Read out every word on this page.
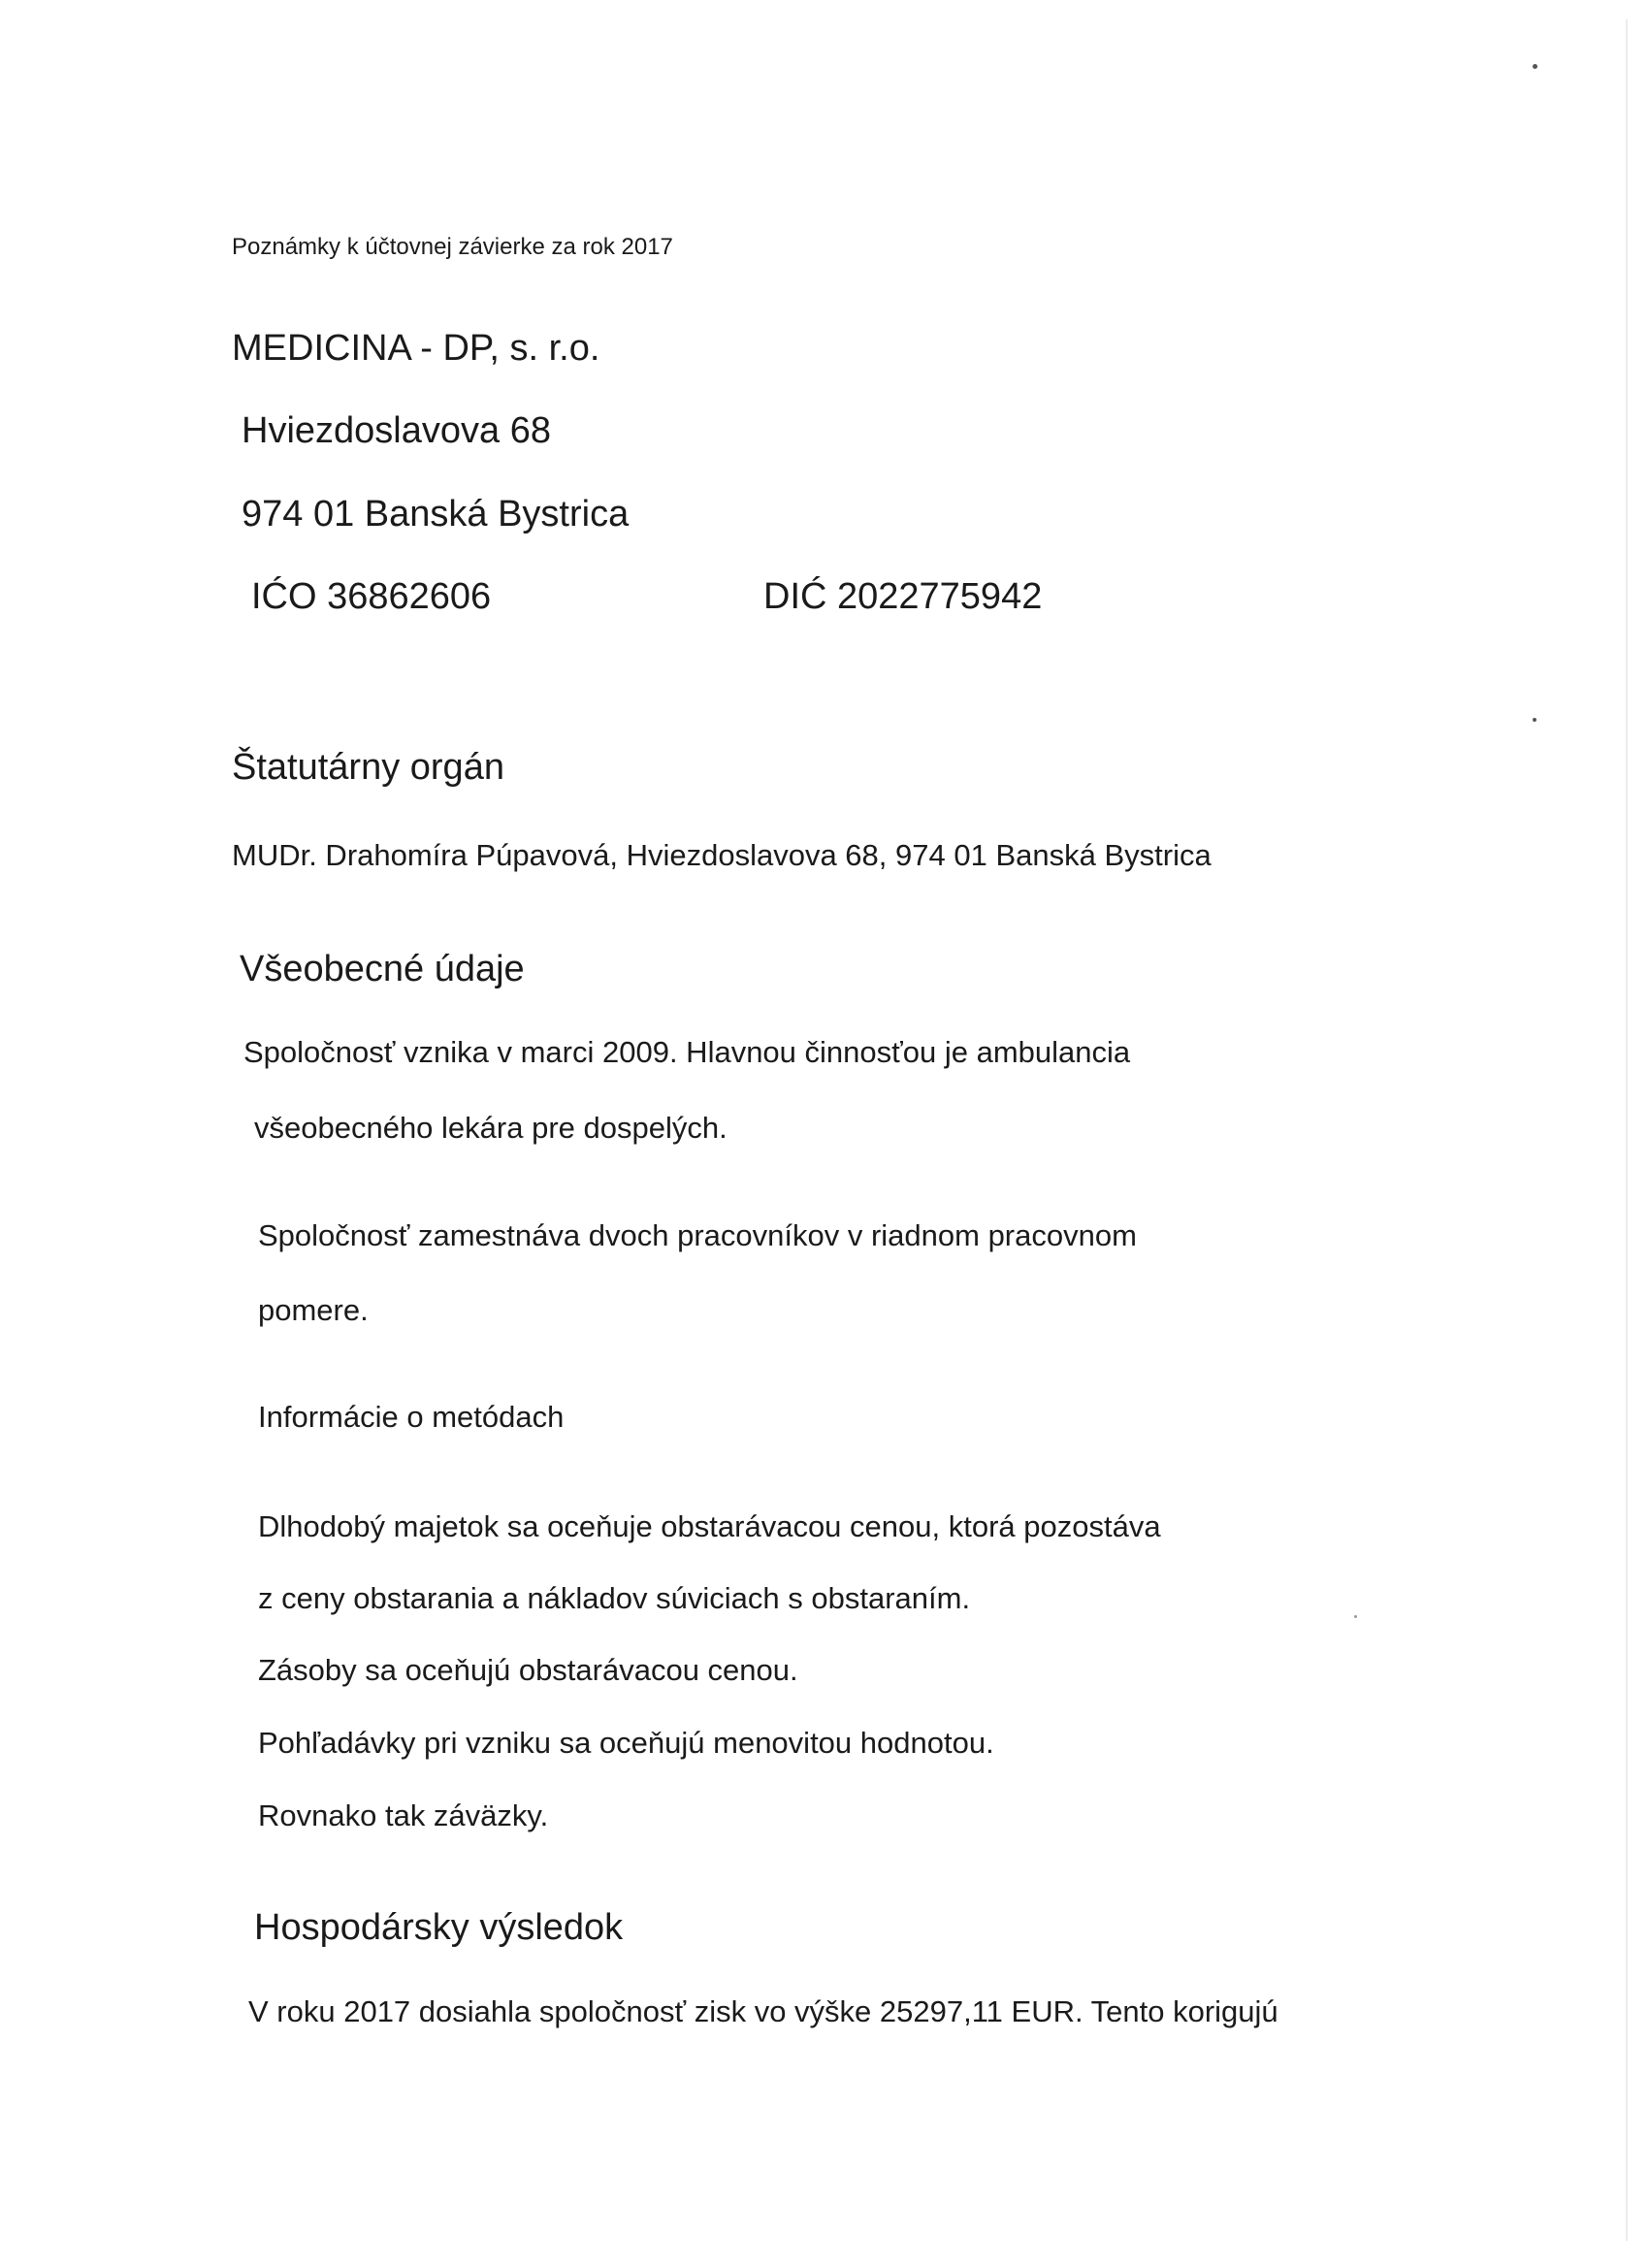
Poznámky k účtovnej závierke za rok 2017
MEDICINA - DP, s. r.o.
Hviezdoslavova 68
974 01 Banská Bystrica
IĆO 36862606	DIĆ 2022775942
Štatutárny orgán
MUDr. Drahomíra Púpavová, Hviezdoslavova 68, 974 01 Banská Bystrica
Všeobecné údaje
Spoločnosť vznika v marci 2009. Hlavnou činnosťou je ambulancia
všeobecného lekára pre dospelých.
Spoločnosť zamestnáva dvoch pracovníkov v riadnom pracovnom
pomere.
Informácie o metódach
Dlhodobý majetok sa oceňuje obstarávacou cenou, ktorá pozostáva
z ceny obstarania a nákladov súviciach s obstaraním.
Zásoby sa oceňujú obstarávacou cenou.
Pohľadávky pri vzniku sa oceňujú menovitou hodnotou.
Rovnako tak záväzky.
Hospodársky výsledok
V roku 2017 dosiahla spoločnosť zisk vo výške 25297,11 EUR. Tento korigujú
